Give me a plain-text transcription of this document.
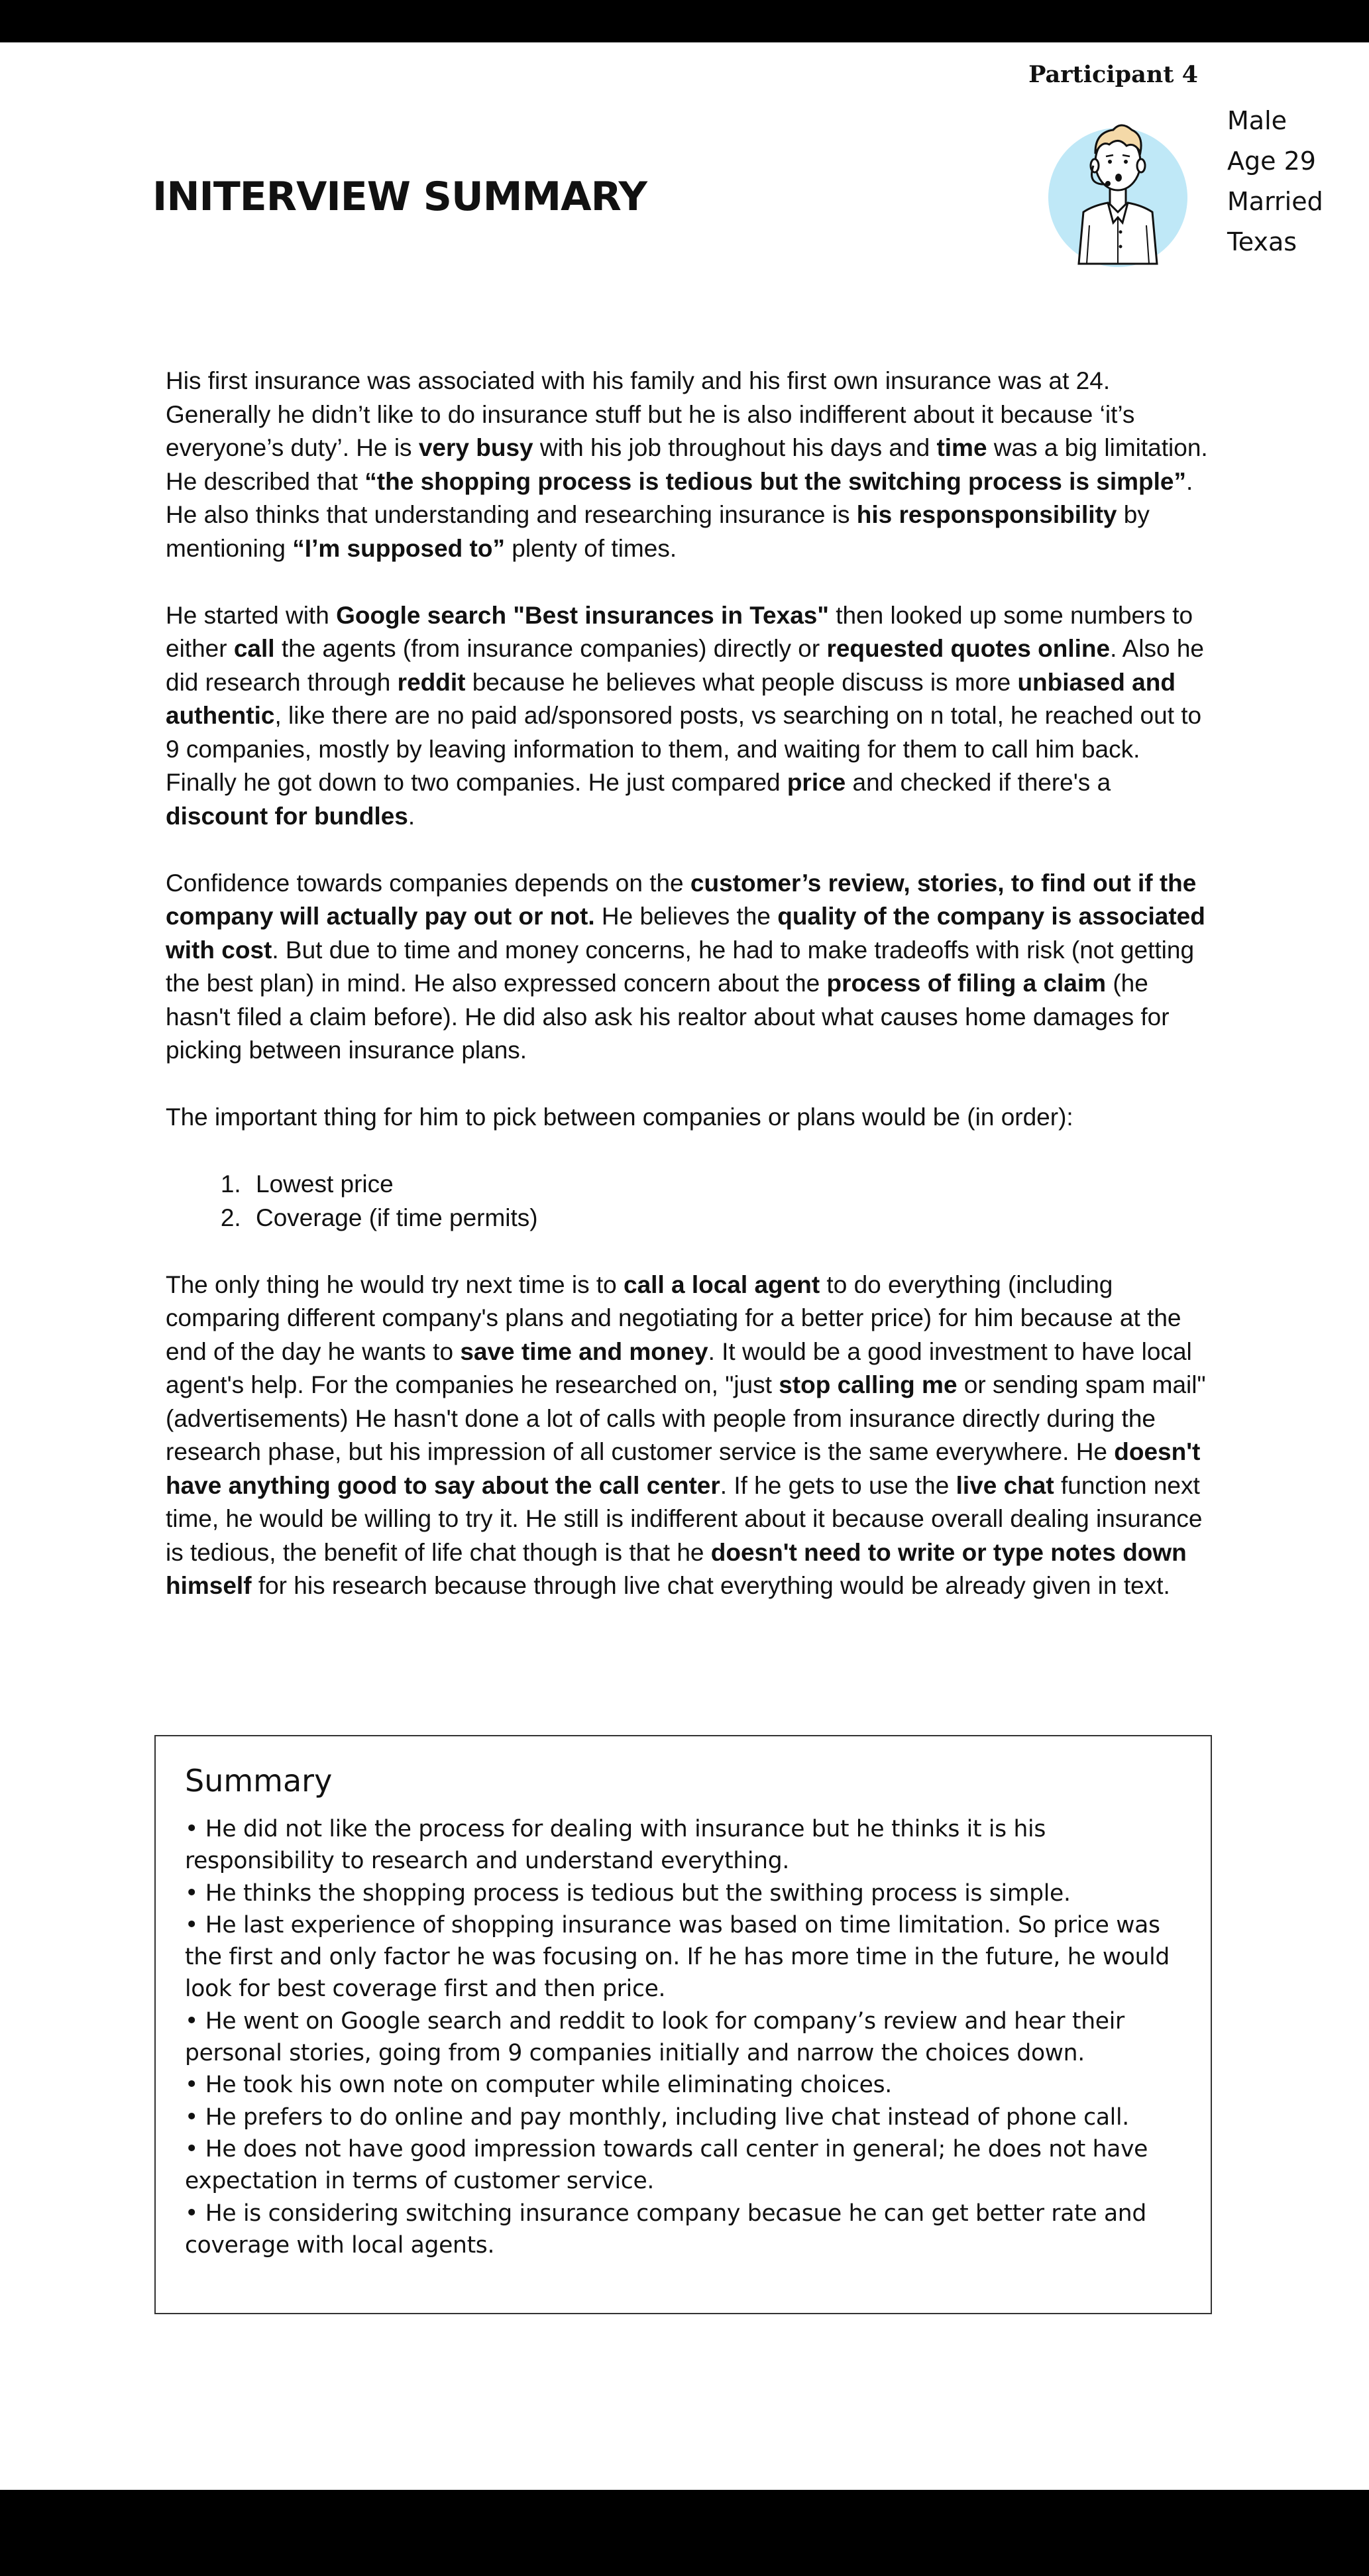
Participant 4
Male
Age 29
Married
Texas
INITERVIEW SUMMARY

His first insurance was associated with his family and his first own insurance was at 24. Generally he didn’t like to do insurance stuff but he is also indifferent about it because ‘it’s everyone’s duty’. He is very busy with his job throughout his days and time was a big limitation. He described that “the shopping process is tedious but the switching process is simple”. He also thinks that understanding and researching insurance is his responsponsibility by mentioning “I’m supposed to” plenty of times.

He started with Google search "Best insurances in Texas" then looked up some numbers to either call the agents (from insurance companies) directly or requested quotes online. Also he did research through reddit because he believes what people discuss is more unbiased and authentic, like there are no paid ad/sponsored posts, vs searching on n total, he reached out to 9 companies, mostly by leaving information to them, and waiting for them to call him back. Finally he got down to two companies. He just compared price and checked if there's a discount for bundles.

Confidence towards companies depends on the customer’s review, stories, to find out if the company will actually pay out or not. He believes the quality of the company is associated with cost. But due to time and money concerns, he had to make tradeoffs with risk (not getting the best plan) in mind. He also expressed concern about the process of filing a claim (he hasn't filed a claim before). He did also ask his realtor about what causes home damages for picking between insurance plans.

The important thing for him to pick between companies or plans would be (in order):

1. Lowest price
2. Coverage (if time permits)

The only thing he would try next time is to call a local agent to do everything (including comparing different company's plans and negotiating for a better price) for him because at the end of the day he wants to save time and money. It would be a good investment to have local agent's help. For the companies he researched on, "just stop calling me or sending spam mail" (advertisements) He hasn't done a lot of calls with people from insurance directly during the research phase, but his impression of all customer service is the same everywhere. He doesn't have anything good to say about the call center. If he gets to use the live chat function next time, he would be willing to try it. He still is indifferent about it because overall dealing insurance is tedious, the benefit of life chat though is that he doesn't need to write or type notes down himself for his research because through live chat everything would be already given in text.

Summary
• He did not like the process for dealing with insurance but he thinks it is his responsibility to research and understand everything.
• He thinks the shopping process is tedious but the swithing process is simple.
• He last experience of shopping insurance was based on time limitation. So price was the first and only factor he was focusing on. If he has more time in the future, he would look for best coverage first and then price.
• He went on Google search and reddit to look for company’s review and hear their personal stories, going from 9 companies initially and narrow the choices down.
• He took his own note on computer while eliminating choices.
• He prefers to do online and pay monthly, including live chat instead of phone call.
• He does not have good impression towards call center in general; he does not have expectation in terms of customer service.
• He is considering switching insurance company becasue he can get better rate and coverage with local agents.
